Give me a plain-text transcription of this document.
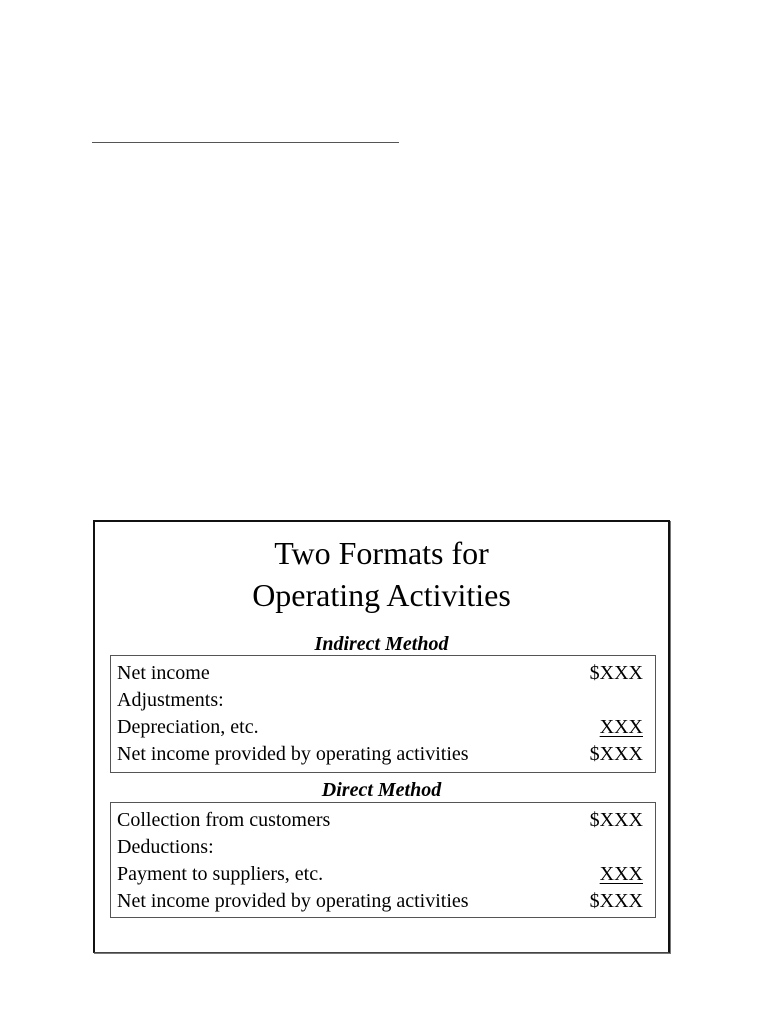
Two Formats for
Operating Activities
Indirect Method
Net income	$XXX
Adjustments:
Depreciation, etc.	XXX
Net income provided by operating activities	$XXX
Direct Method
Collection from customers	$XXX
Deductions:
Payment to suppliers, etc.	XXX
Net income provided by operating activities	$XXX
